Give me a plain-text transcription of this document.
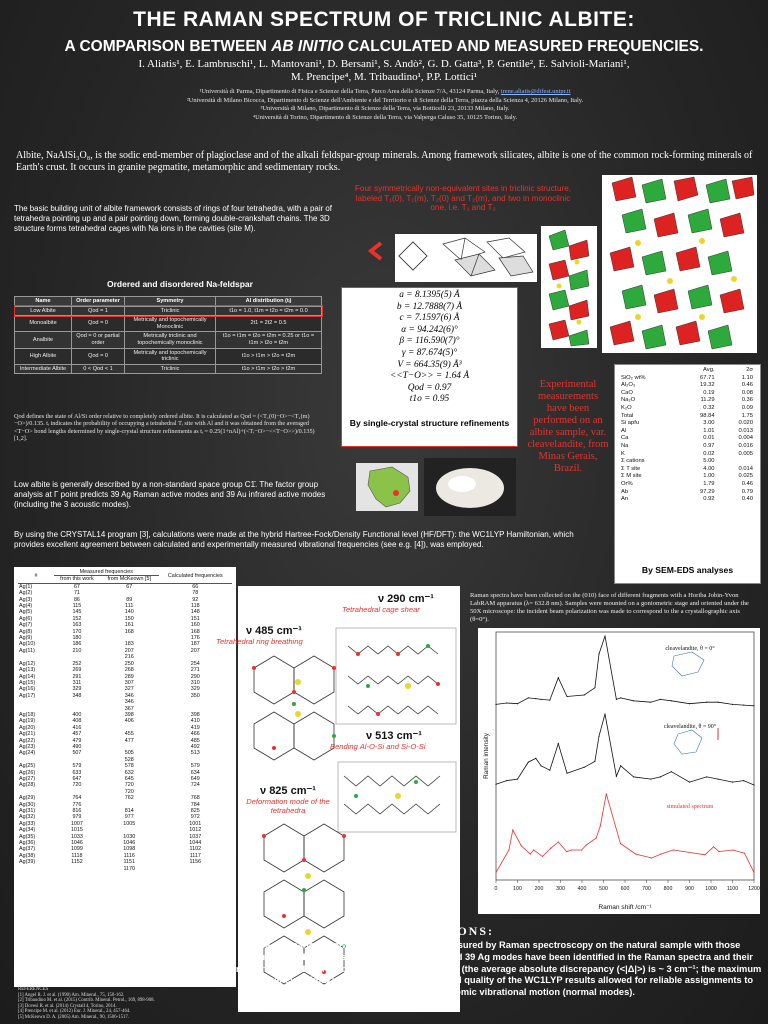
THE RAMAN SPECTRUM OF TRICLINIC ALBITE:
A COMPARISON BETWEEN AB INITIO CALCULATED AND MEASURED FREQUENCIES.
I. Aliatis¹, E. Lambruschi¹, L. Mantovani¹, D. Bersani¹, S. Andò², G. D. Gatta³, P. Gentile², E. Salvioli-Mariani¹,
M. Prencipe⁴, M. Tribaudino¹, P.P. Lottici¹
¹Università di Parma, Dipartimento di Fisica e Scienze della Terra, Parco Area delle Scienze 7/A, 43124 Parma, Italy, irene.aliatis@difest.unipr.it
²Università di Milano Bicocca, Dipartimento di Scienze dell'Ambiente e del Territorio e di Scienze della Terra, piazza della Scienza 4, 20126 Milano, Italy.
³Università di Milano, Dipartimento di Scienze della Terra, via Botticelli 23, 20133 Milano, Italy.
⁴Università di Torino, Dipartimento di Scienze della Terra, via Valperga Caluso 35, 10125 Torino, Italy.
Albite, NaAlSi₃O₈, is the sodic end-member of plagioclase and of the alkali feldspar-group minerals. Among framework silicates, albite is one of the common rock-forming minerals of Earth's crust. It occurs in granite pegmatite, metamorphic and sedimentary rocks.
The basic building unit of albite framework consists of rings of four tetrahedra, with a pair of tetrahedra pointing up and a pair pointing down, forming double-crankshaft chains. The 3D structure forms tetrahedral cages with Na ions in the cavities (site M).
Four symmetrically non-equivalent sites in triclinic structure, labeled T₁(0), T₁(m), T₂(0) and T₂(m), and two in monoclinic one, i.e. T₁ and T₂
Ordered and disordered Na-feldspar
Name	Order parameter	Symmetry	Al distribution (tᵢ)
Low Albite	Qod = 1	Triclinic	t1o = 1.0, t1m = t2o = t2m = 0.0
Monoalbite	Qod = 0	Metrically and topochemically Monoclinic	2t1 = 2t2 = 0.5
Analbite	Qod = 0 or partial order	Metrically triclinic and topochemically monoclinic	t1o = t1m = t2o = t2m = 0.25 or t1o = t1m > t2o = t2m
High Albite	Qod = 0	Metrically and topochemically triclinic	t1o > t1m > t2o = t2m
Intermediate Albite	0 < Qod < 1	Triclinic	t1o > t1m > t2o > t2m
Qod defines the state of Al/Si order relative to completely ordered albite. It is calculated as Qod = (<T₁(0)−O>−<T₁(m) −O>)/0.135. tᵢ indicates the probability of occupying a tetrahedral Tᵢ site with Al and it was obtained from the averaged <T−O> bond lengths determined by single-crystal structure refinements as tᵢ = 0.25(1+nAl)+(<Tᵢ−O>−<<T−O>>)/0.135) [1,2].
a = 8.1395(5) Å
b = 12.7888(7) Å
c = 7.1597(6) Å
α = 94.242(6)°
β = 116.590(7)°
γ = 87.674(5)°
V = 664.35(9) Å³
<<T−O>> = 1.64 Å
Qod = 0.97
t1o = 0.95
By single-crystal structure refinements
Experimental measurements have been performed on an albite sample, var. cleavelandite, from Minas Gerais, Brazil.
	Avg.	2σ
SiO₂ wt%	67.71	1.10
Al₂O₃	19.32	0.46
CaO	0.19	0.08
Na₂O	11.29	0.36
K₂O	0.32	0.09

Total	98.84	1.75

Si apfu	3.00	0.020
Al	1.01	0.013
Ca	0.01	0.004
Na	0.97	0.016
K	0.02	0.005
Σ cations	5.00	

Σ T site	4.00	0.014
Σ M site	1.00	0.025

Or%	1.79	0.46
Ab	97.29	0.79
An	0.92	0.40
By SEM-EDS analyses
Low albite is generally described by a non-standard space group C1̄. The factor group analysis at Γ point predicts 39 Ag Raman active modes and 39 Au infrared active modes (including the 3 acoustic modes).
By using the CRYSTAL14 program [3], calculations were made at the hybrid Hartree-Fock/Density Functional level (HF/DFT): the WC1LYP Hamiltonian, which provides excellent agreement between calculated and experimentally measured vibrational frequencies (see e.g. [4]), was employed.
#	Measured frequencies		Calculated frequencies
	from this work	from McKeown [5]	
Ag(1)	67	67	66
Ag(2)	71		78
Ag(3)	86	89	92
Ag(4)	115	111	118
Ag(5)	145	140	148
Ag(6)	152	150	151
Ag(7)	163	161	160
Ag(8)	170	168	168
Ag(9)	180		176
Ag(10)	186	183	187
Ag(11)	210	207	207
		216	
Ag(12)	252	250	254
Ag(13)	269	268	271
Ag(14)	291	289	290
Ag(15)	311	307	310
Ag(16)	329	327	329
Ag(17)	348	346	350
		346	
		367	
Ag(18)	400	398	398
Ag(19)	408	406	410
Ag(20)	416		419
Ag(21)	457	455	466
Ag(22)	479	477	485
Ag(23)	490		492
Ag(24)	507	505	513
		528	
Ag(25)	579	578	579
Ag(26)	633	632	634
Ag(27)	647	645	649
Ag(28)	720	720	724
		720	
Ag(29)	764	762	768
Ag(30)	776		784
Ag(31)	816	814	825
Ag(32)	979	977	972
Ag(33)	1007	1005	1001
Ag(34)	1015		1012
Ag(35)	1033	1030	1037
Ag(36)	1046	1046	1044
Ag(37)	1099	1098	1102
Ag(38)	1118	1116	1117
Ag(39)	1152	1151	1156
		1170	
REFERENCES
[1] Angel R. J. et al. (1990) Am. Mineral., 75, 150-162.
[2] Tribaudino M. et al. (2015) Contrib. Mineral. Petrol., 169, 898-908.
[3] Dovesi R. et al. (2014) Crystal14, Torino, 2014.
[4] Prencipe M. et al. (2012) Eur. J. Mineral., 24, 457-464.
[5] McKeown D. A. (2005) Am. Mineral., 90, 1506-1517.
ν 290 cm⁻¹
Tetrahedral cage shear
ν 485 cm⁻¹
Tetrahedral ring breathing
ν 513 cm⁻¹
Bending Al-O-Si and Si-O-Si
ν 825 cm⁻¹
Deformation mode of the tetrahedra
Raman spectra have been collected on the (010) face of different fragments with a Horiba Jobin-Yvon LabRAM apparatus (λ= 632.8 nm). Samples were mounted on a goniometric stage and oriented under the 50X microscope: the incident beam polarization was made to correspond to the a crystallographic axis (θ=0°).
Raman intensity
Raman shift /cm⁻¹
cleavelandite, θ = 0°
cleavelandite, θ = 90°
simulated spectrum
0	100 200 300 400 500 600 700 800 900 1000 1100 1200
CONCLUSIONS:
The comparison between the frequencies measured by Raman spectroscopy on the natural sample with those calculated by HF/DFT is reported. All the expected 39 Ag modes have been identified in the Raman spectra and their frequencies well correspond to the calculated ones (the average absolute discrepancy (<|Δ|>) is ~ 3 cm⁻¹; the maximum discrepancy (|Δ|max) is ~ 10 cm⁻¹). The very good quality of the WC1LYP results allowed for reliable assignments to specific patterns of atomic vibrational motion (normal modes).
